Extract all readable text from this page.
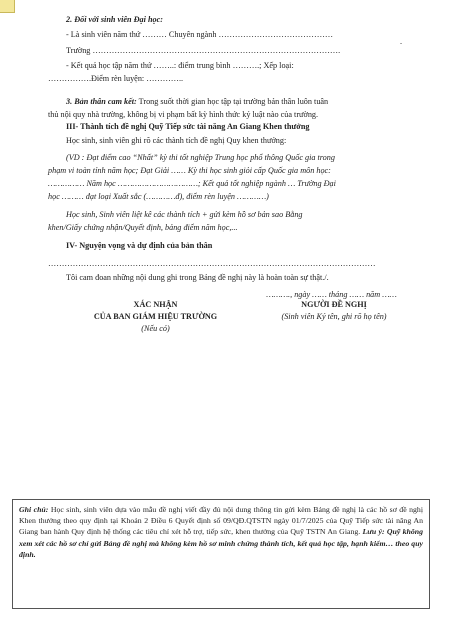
2. Đối với sinh viên Đại học:
- Là sinh viên năm thứ ……… Chuyên ngành ……………………………………
Trường ……………………………………………………………………………….
.
- Kết quả học tập năm thứ ……..: điểm trung bình ……….; Xếp loại:
…………….Điểm rèn luyện: …………..
3. Bản thân cam kết: Trong suốt thời gian học tập tại trường bản thân luôn tuân
thủ nội quy nhà trường, không bị vi phạm bất kỳ hình thức kỷ luật nào của trường.
III- Thành tích đề nghị Quỹ Tiếp sức tài năng An Giang Khen thưởng
Học sinh, sinh viên ghi rõ các thành tích đề nghị Quy khen thưởng:
(VD : Đạt điểm cao “Nhất” kỳ thi tốt nghiệp Trung học phổ thông Quốc gia trong
phạm vi toàn tỉnh năm học; Đạt Giải …… Kỳ thi học sinh giỏi cấp Quốc gia môn học:
…………… Năm học ……………………………; Kết quả tốt nghiệp ngành … Trường Đại
học ……… đạt loại Xuất sắc (…………đ), điểm rèn luyện …………)
Học sinh, Sinh viên liệt kê các thành tích + gửi kèm hồ sơ bản sao Bằng
khen/Giấy chứng nhận/Quyết định, bảng điểm năm học,...
IV- Nguyện vọng và dự định của bản thân
…………………………………………………………………………………………………………
Tôi cam đoan những nội dung ghi trong Bảng đề nghị này là hoàn toàn sự thật./.
………., ngày …… tháng …… năm ……
XÁC NHẬN	NGƯỜI ĐỀ NGHỊ
CỦA BAN GIÁM HIỆU TRƯỜNG	(Sinh viên Ký tên, ghi rõ họ tên)
(Nếu có)
Ghi chú: Học sinh, sinh viên dựa vào mẫu đề nghị viết đầy đủ nội dung thông tin gửi kèm Bảng đề nghị là các hồ sơ đề nghị Khen thưởng theo quy định tại Khoản 2 Điều 6 Quyết định số 09/QĐ.QTSTN ngày 01/7/2025 của Quỹ Tiếp sức tài năng An Giang ban hành Quy định hệ thống các tiêu chí xét hỗ trợ, tiếp sức, khen thưởng của Quỹ TSTN An Giang. Lưu ý: Quỹ không xem xét các hồ sơ chỉ gửi Bảng đề nghị mà không kèm hồ sơ minh chứng thành tích, kết quả học tập, hạnh kiểm… theo quy định.
